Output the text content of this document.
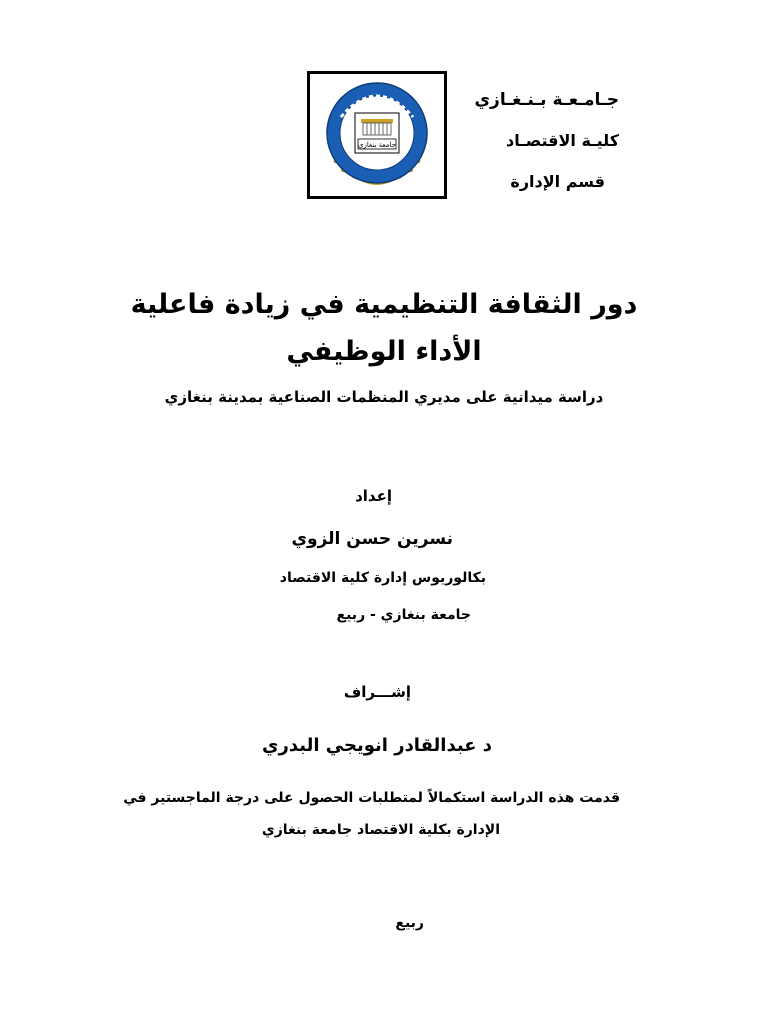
جامعة بنغازي
جـامـعـة بـنـغـازي
كليـة الاقتصـاد
قسم الإدارة
دور الثقافة التنظيمية في زيادة فاعلية
الأداء الوظيفي
دراسة ميدانية على مديري المنظمات الصناعية بمدينة بنغازي
إعداد
نسرين حسن الزوي
بكالوريوس إدارة كلية الاقتصاد
جامعة بنغازي - ربيع
إشـــراف
د عبدالقادر انويجي البدري
قدمت هذه الدراسة استكمالاً لمتطلبات الحصول على درجة الماجستير في
الإدارة بكلية الاقتصاد جامعة بنغازي
ربيع
